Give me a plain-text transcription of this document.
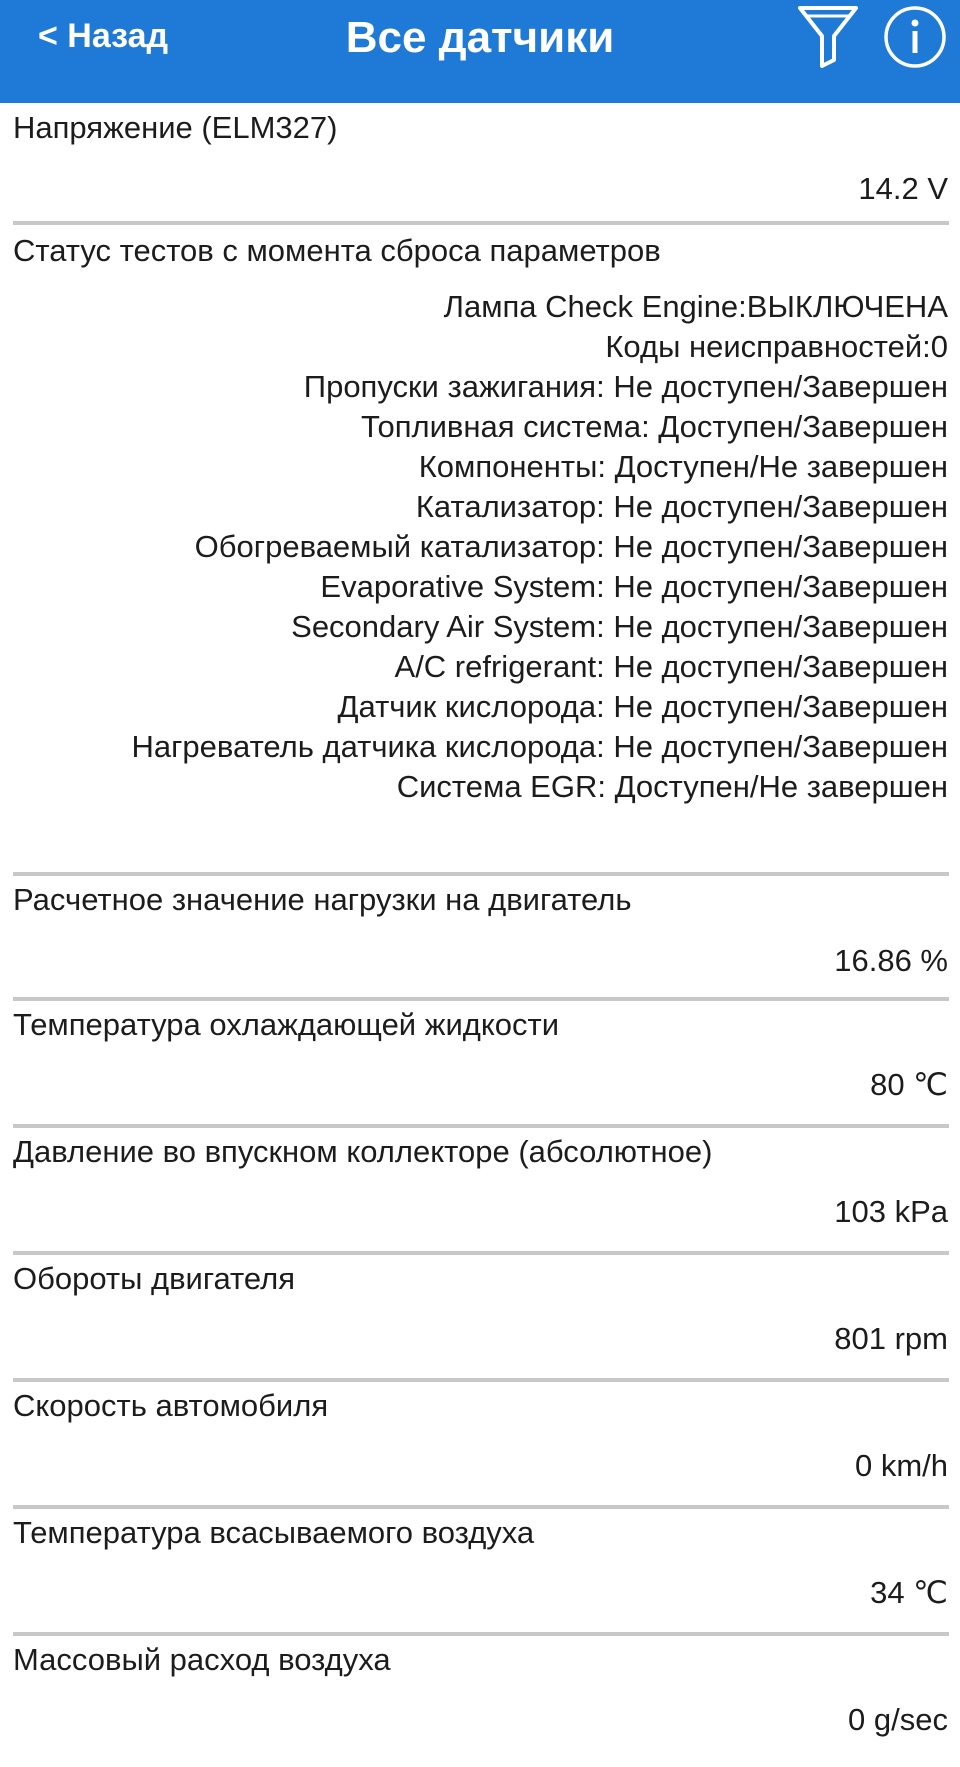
< Назад	Все датчики
Напряжение (ELM327)
14.2 V
Статус тестов с момента сброса параметров
Лампа Check Engine:ВЫКЛЮЧЕНА
Коды неисправностей:0
Пропуски зажигания: Не доступен/Завершен
Топливная система: Доступен/Завершен
Компоненты: Доступен/Не завершен
Катализатор: Не доступен/Завершен
Обогреваемый катализатор: Не доступен/Завершен
Evaporative System: Не доступен/Завершен
Secondary Air System: Не доступен/Завершен
A/C refrigerant: Не доступен/Завершен
Датчик кислорода: Не доступен/Завершен
Нагреватель датчика кислорода: Не доступен/Завершен
Система EGR: Доступен/Не завершен
Расчетное значение нагрузки на двигатель
16.86 %
Температура охлаждающей жидкости
80 ℃
Давление во впускном коллекторе (абсолютное)
103 kPa
Обороты двигателя
801 rpm
Скорость автомобиля
0 km/h
Температура всасываемого воздуха
34 ℃
Массовый расход воздуха
0 g/sec
